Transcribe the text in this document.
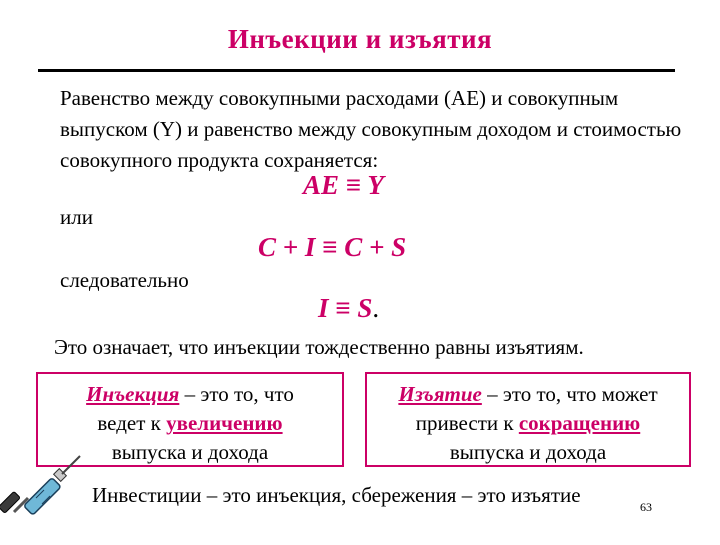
Инъекции и изъятия
Равенство между совокупными расходами (AE) и совокупным выпуском (Y) и равенство между совокупным доходом и стоимостью совокупного продукта сохраняется:
AE ≡ Y
или
C + I ≡ C + S
следовательно
I ≡ S.
Это означает, что инъекции тождественно равны изъятиям.
Инъекция – это то, что
ведет к увеличению
выпуска и дохода
Изъятие – это то, что может
привести к сокращению
выпуска и дохода
Инвестиции – это инъекция, сбережения – это изъятие	63
